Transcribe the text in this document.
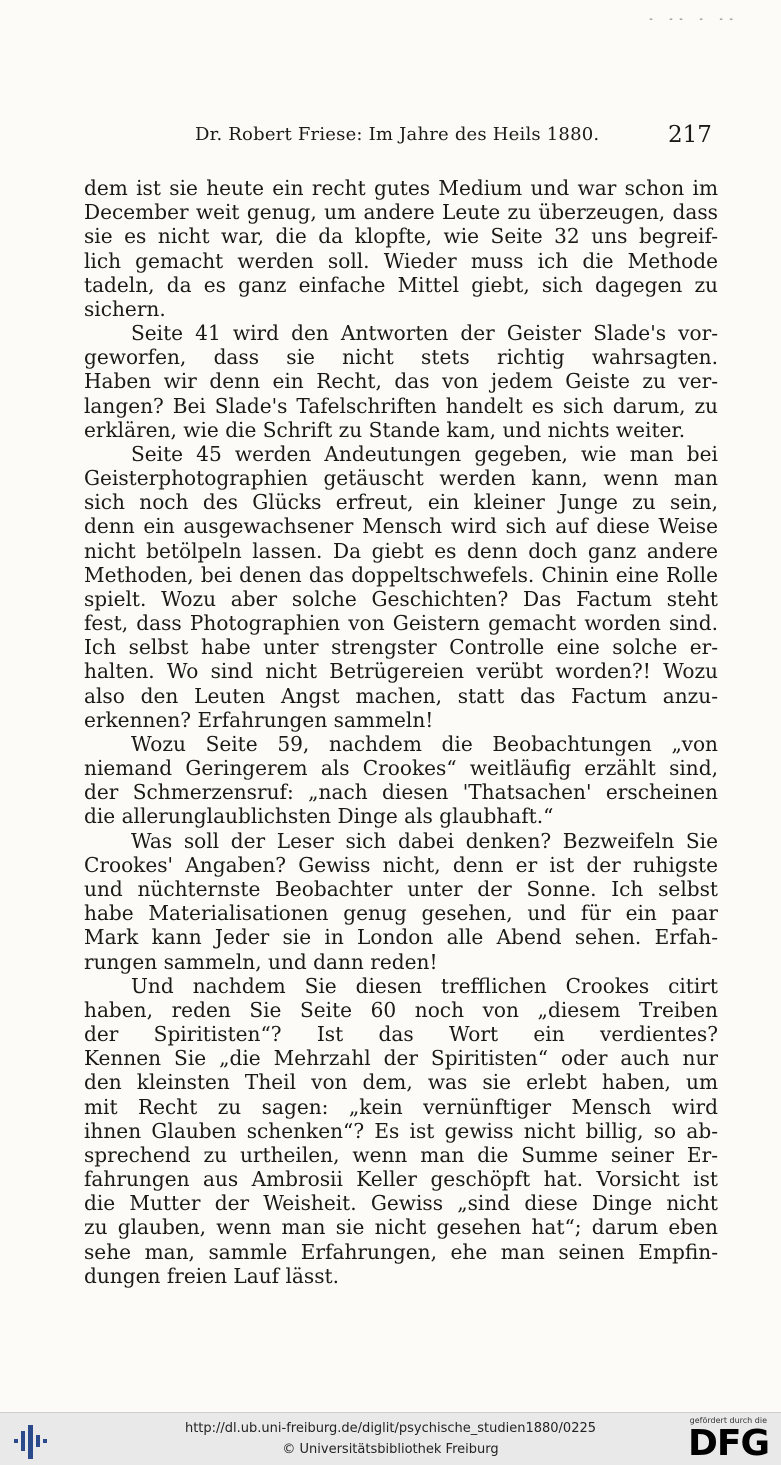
- -- - --
Dr. Robert Friese: Im Jahre des Heils 1880.	217
dem ist sie heute ein recht gutes Medium und war schon im
December weit genug, um andere Leute zu überzeugen, dass
sie es nicht war, die da klopfte, wie Seite 32 uns begreif-
lich gemacht werden soll. Wieder muss ich die Methode
tadeln, da es ganz einfache Mittel giebt, sich dagegen zu
sichern.
Seite 41 wird den Antworten der Geister Slade's vor-
geworfen, dass sie nicht stets richtig wahrsagten.
Haben wir denn ein Recht, das von jedem Geiste zu ver-
langen? Bei Slade's Tafelschriften handelt es sich darum, zu
erklären, wie die Schrift zu Stande kam, und nichts weiter.
Seite 45 werden Andeutungen gegeben, wie man bei
Geisterphotographien getäuscht werden kann, wenn man
sich noch des Glücks erfreut, ein kleiner Junge zu sein,
denn ein ausgewachsener Mensch wird sich auf diese Weise
nicht betölpeln lassen. Da giebt es denn doch ganz andere
Methoden, bei denen das doppeltschwefels. Chinin eine Rolle
spielt. Wozu aber solche Geschichten? Das Factum steht
fest, dass Photographien von Geistern gemacht worden sind.
Ich selbst habe unter strengster Controlle eine solche er-
halten. Wo sind nicht Betrügereien verübt worden?! Wozu
also den Leuten Angst machen, statt das Factum anzu-
erkennen? Erfahrungen sammeln!
Wozu Seite 59, nachdem die Beobachtungen „von
niemand Geringerem als Crookes“ weitläufig erzählt sind,
der Schmerzensruf: „nach diesen 'Thatsachen' erscheinen
die allerunglaublichsten Dinge als glaubhaft.“
Was soll der Leser sich dabei denken? Bezweifeln Sie
Crookes' Angaben? Gewiss nicht, denn er ist der ruhigste
und nüchternste Beobachter unter der Sonne. Ich selbst
habe Materialisationen genug gesehen, und für ein paar
Mark kann Jeder sie in London alle Abend sehen. Erfah-
rungen sammeln, und dann reden!
Und nachdem Sie diesen trefflichen Crookes citirt
haben, reden Sie Seite 60 noch von „diesem Treiben
der Spiritisten“? Ist das Wort ein verdientes?
Kennen Sie „die Mehrzahl der Spiritisten“ oder auch nur
den kleinsten Theil von dem, was sie erlebt haben, um
mit Recht zu sagen: „kein vernünftiger Mensch wird
ihnen Glauben schenken“? Es ist gewiss nicht billig, so ab-
sprechend zu urtheilen, wenn man die Summe seiner Er-
fahrungen aus Ambrosii Keller geschöpft hat. Vorsicht ist
die Mutter der Weisheit. Gewiss „sind diese Dinge nicht
zu glauben, wenn man sie nicht gesehen hat“; darum eben
sehe man, sammle Erfahrungen, ehe man seinen Empfin-
dungen freien Lauf lässt.
http://dl.ub.uni-freiburg.de/diglit/psychische_studien1880/0225
© Universitätsbibliothek Freiburg
gefördert durch die
DFG
